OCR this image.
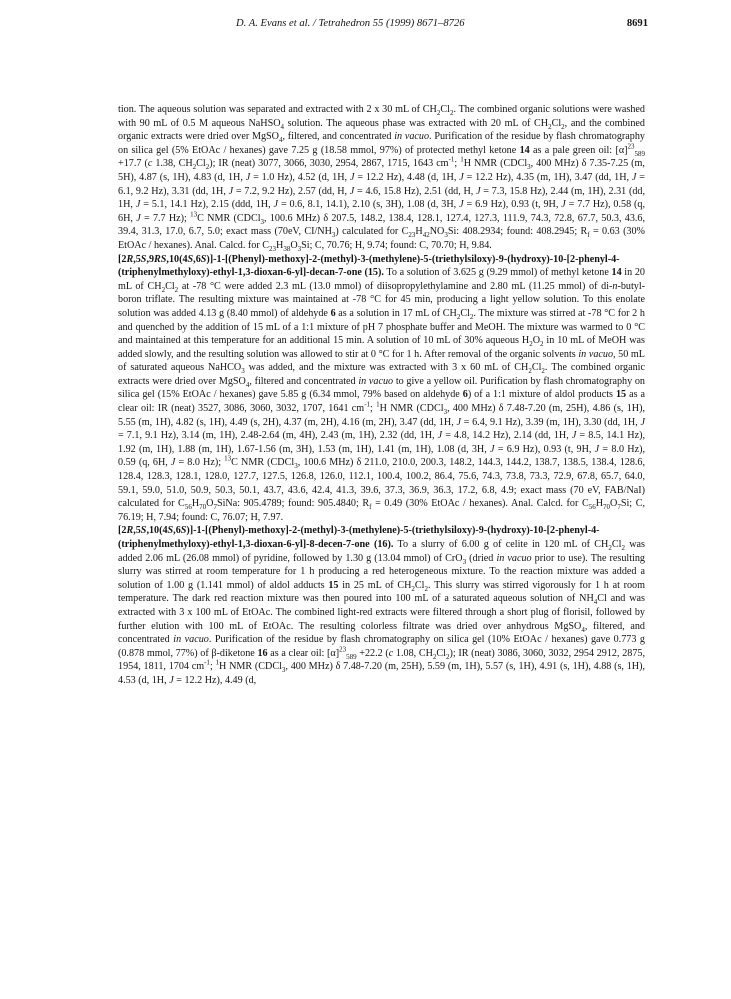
D. A. Evans et al. / Tetrahedron 55 (1999) 8671–8726	8691

tion. The aqueous solution was separated and extracted with 2 x 30 mL of $CH_2Cl_2$. The combined organic solutions were washed with 90 mL of 0.5 M aqueous NaHSO$_4$ solution. The aqueous phase was extracted with 20 mL of $CH_2Cl_2$, and the combined organic extracts were dried over MgSO$_4$, filtered, and concentrated in vacuo. Purification of the residue by flash chromatography on silica gel (5% EtOAc / hexanes) gave 7.25 g (18.58 mmol, 97%) of protected methyl ketone 14 as a pale green oil: $[\alpha]^{23}_{589} +17.7$ (c 1.38, $CH_2Cl_2$); IR (neat) 3077, 3066, 3030, 2954, 2867, 1715, 1643 $cm^{-1}$; $^1$H NMR (CDCl$_3$, 400 MHz) δ 7.35-7.25 (m, 5H), 4.87 (s, 1H), 4.83 (d, 1H, J = 1.0 Hz), 4.52 (d, 1H, J = 12.2 Hz), 4.48 (d, 1H, J = 12.2 Hz), 4.35 (m, 1H), 3.47 (dd, 1H, J = 6.1, 9.2 Hz), 3.31 (dd, 1H, J = 7.2, 9.2 Hz), 2.57 (dd, H, J = 4.6, 15.8 Hz), 2.51 (dd, H, J = 7.3, 15.8 Hz), 2.44 (m, 1H), 2.31 (dd, 1H, J = 5.1, 14.1 Hz), 2.15 (ddd, 1H, J = 0.6, 8.1, 14.1), 2.10 (s, 3H), 1.08 (d, 3H, J = 6.9 Hz), 0.93 (t, 9H, J = 7.7 Hz), 0.58 (q, 6H, J = 7.7 Hz); $^{13}$C NMR (CDCl$_3$, 100.6 MHz) δ 207.5, 148.2, 138.4, 128.1, 127.4, 127.3, 111.9, 74.3, 72.8, 67.7, 50.3, 43.6, 39.4, 31.3, 17.0, 6.7, 5.0; exact mass (70eV, $CI/NH_3$) calculated for $C_{23}H_{42}NO_3Si$: 408.2934; found: 408.2945; $R_f = 0.63$ (30% EtOAc / hexanes). Anal. Calcd. for $C_{23}H_{38}O_3Si$; C, 70.76; H, 9.74; found: C, 70.70; H, 9.84.

[2R,5S,9RS,10(4S,6S)]-1-[(Phenyl)-methoxy]-2-(methyl)-3-(methylene)-5-(triethylsiloxy)-9-(hydroxy)-10-[2-phenyl-4-(triphenylmethyloxy)-ethyl-1,3-dioxan-6-yl]-decan-7-one (15). To a solution of 3.625 g (9.29 mmol) of methyl ketone 14 in 20 mL of $CH_2Cl_2$ at -78 °C were added 2.3 mL (13.0 mmol) of diisopropylethylamine and 2.80 mL (11.25 mmol) of di-n-butyl-boron triflate. The resulting mixture was maintained at -78 °C for 45 min, producing a light yellow solution. To this enolate solution was added 4.13 g (8.40 mmol) of aldehyde 6 as a solution in 17 mL of $CH_2Cl_2$. The mixture was stirred at -78 °C for 2 h and quenched by the addition of 15 mL of a 1:1 mixture of pH 7 phosphate buffer and MeOH. The mixture was warmed to 0 °C and maintained at this temperature for an additional 15 min. A solution of 10 mL of 30% aqueous $H_2O_2$ in 10 mL of MeOH was added slowly, and the resulting solution was allowed to stir at 0 °C for 1 h. After removal of the organic solvents in vacuo, 50 mL of saturated aqueous NaHCO$_3$ was added, and the mixture was extracted with 3 x 60 mL of $CH_2Cl_2$. The combined organic extracts were dried over MgSO$_4$, filtered and concentrated in vacuo to give a yellow oil. Purification by flash chromatography on silica gel (15% EtOAc / hexanes) gave 5.85 g (6.34 mmol, 79% based on aldehyde 6) of a 1:1 mixture of aldol products 15 as a clear oil: IR (neat) 3527, 3086, 3060, 3032, 1707, 1641 $cm^{-1}$; $^1$H NMR (CDCl$_3$, 400 MHz) δ 7.48-7.20 (m, 25H), 4.86 (s, 1H), 5.55 (m, 1H), 4.82 (s, 1H), 4.49 (s, 2H), 4.37 (m, 2H), 4.16 (m, 2H), 3.47 (dd, 1H, J = 6.4, 9.1 Hz), 3.39 (m, 1H), 3.30 (dd, 1H, J = 7.1, 9.1 Hz), 3.14 (m, 1H), 2.48-2.64 (m, 4H), 2.43 (m, 1H), 2.32 (dd, 1H, J = 4.8, 14.2 Hz), 2.14 (dd, 1H, J = 8.5, 14.1 Hz), 1.92 (m, 1H), 1.88 (m, 1H), 1.67-1.56 (m, 3H), 1.53 (m, 1H), 1.41 (m, 1H), 1.08 (d, 3H, J = 6.9 Hz), 0.93 (t, 9H, J = 8.0 Hz), 0.59 (q, 6H, J = 8.0 Hz); $^{13}$C NMR (CDCl$_3$, 100.6 MHz) δ 211.0, 210.0, 200.3, 148.2, 144.3, 144.2, 138.7, 138.5, 138.4, 128.6, 128.4, 128.3, 128.1, 128.0, 127.7, 127.5, 126.8, 126.0, 112.1, 100.4, 100.2, 86.4, 75.6, 74.3, 73.8, 73.3, 72.9, 67.8, 65.7, 64.0, 59.1, 59.0, 51.0, 50.9, 50.3, 50.1, 43.7, 43.6, 42.4, 41.3, 39.6, 37.3, 36.9, 36.3, 17.2, 6.8, 4.9; exact mass (70 eV, FAB/NaI) calculated for $C_{56}H_{70}O_7SiNa$: 905.4789; found: 905.4840; $R_f = 0.49$ (30% EtOAc / hexanes). Anal. Calcd. for $C_{56}H_{70}O_7Si$; C, 76.19; H, 7.94; found: C, 76.07; H, 7.97.

[2R,5S,10(4S,6S)]-1-[(Phenyl)-methoxy]-2-(methyl)-3-(methylene)-5-(triethylsiloxy)-9-(hydroxy)-10-[2-phenyl-4-(triphenylmethyloxy)-ethyl-1,3-dioxan-6-yl]-8-decen-7-one (16). To a slurry of 6.00 g of celite in 120 mL of $CH_2Cl_2$ was added 2.06 mL (26.08 mmol) of pyridine, followed by 1.30 g (13.04 mmol) of CrO$_3$ (dried in vacuo prior to use). The resulting slurry was stirred at room temperature for 1 h producing a red heterogeneous mixture. To the reaction mixture was added a solution of 1.00 g (1.141 mmol) of aldol adducts 15 in 25 mL of $CH_2Cl_2$. This slurry was stirred vigorously for 1 h at room temperature. The dark red reaction mixture was then poured into 100 mL of a saturated aqueous solution of $NH_4Cl$ and was extracted with 3 x 100 mL of EtOAc. The combined light-red extracts were filtered through a short plug of florisil, followed by further elution with 100 mL of EtOAc. The resulting colorless filtrate was dried over anhydrous MgSO$_4$, filtered, and concentrated in vacuo. Purification of the residue by flash chromatography on silica gel (10% EtOAc / hexanes) gave 0.773 g (0.878 mmol, 77%) of β-diketone 16 as a clear oil: $[\alpha]^{23}_{589} +22.2$ (c 1.08, $CH_2Cl_2$); IR (neat) 3086, 3060, 3032, 2954 2912, 2875, 1954, 1811, 1704 $cm^{-1}$; $^1$H NMR (CDCl$_3$, 400 MHz) δ 7.48-7.20 (m, 25H), 5.59 (m, 1H), 5.57 (s, 1H), 4.91 (s, 1H), 4.88 (s, 1H), 4.53 (d, 1H, J = 12.2 Hz), 4.49 (d,
